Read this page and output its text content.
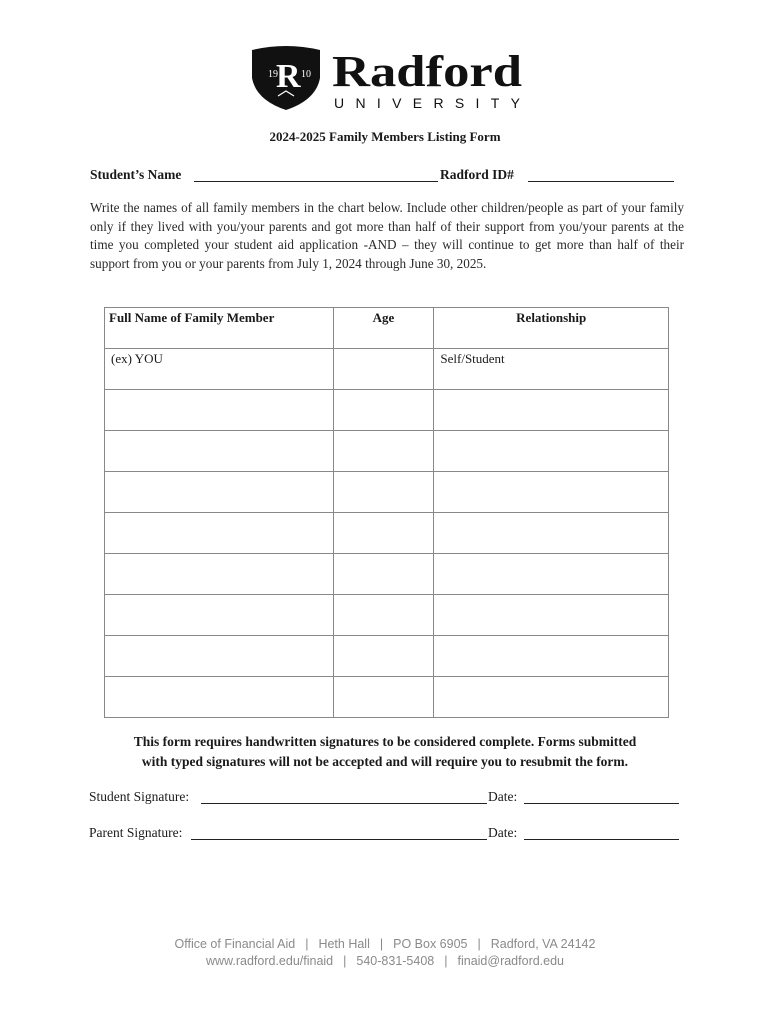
19 10
R Radford
UNIVERSITY
2024-2025 Family Members Listing Form
Student’s Name	Radford ID#
Write the names of all family members in the chart below. Include other children/people as part of your family only if they lived with you/your parents and got more than half of their support from you/your parents at the time you completed your student aid application -AND – they will continue to get more than half of their support from you or your parents from July 1, 2024 through June 30, 2025.
Full Name of Family Member	Age	Relationship
(ex) YOU		Self/Student

This form requires handwritten signatures to be considered complete. Forms submitted
with typed signatures will not be accepted and will require you to resubmit the form.
Student Signature:	Date:
Parent Signature:	Date:
Office of Financial Aid | Heth Hall | PO Box 6905 | Radford, VA 24142
www.radford.edu/finaid | 540-831-5408 | finaid@radford.edu
